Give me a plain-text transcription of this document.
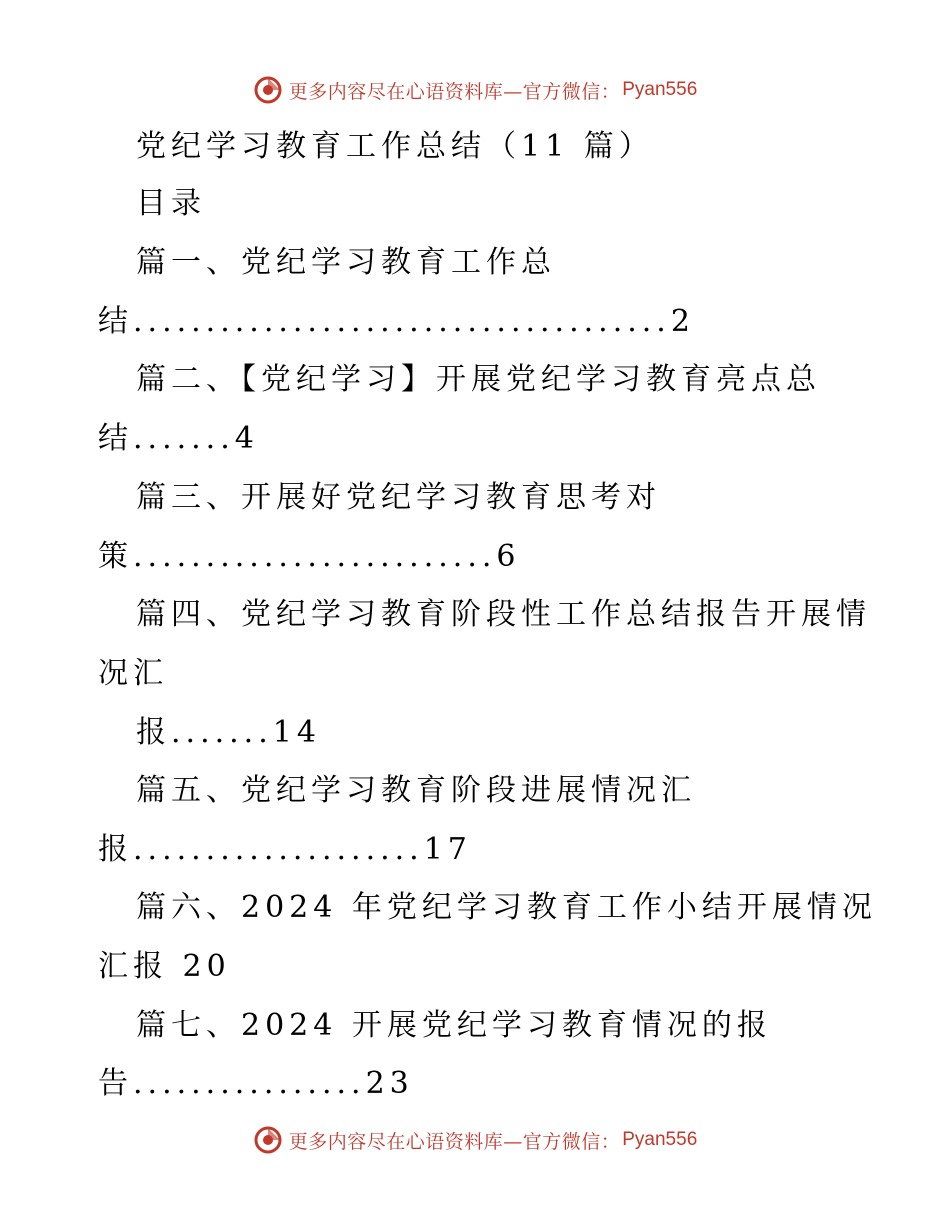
更多内容尽在心语资料库—官方微信： Pyan556
党纪学习教育工作总结（11 篇）
目录
篇一、党纪学习教育工作总
结.....................................2
篇二、【党纪学习】开展党纪学习教育亮点总
结.......4
篇三、开展好党纪学习教育思考对
策.........................6
篇四、党纪学习教育阶段性工作总结报告开展情
况汇
报.......14
篇五、党纪学习教育阶段进展情况汇
报....................17
篇六、2024 年党纪学习教育工作小结开展情况
汇报 20
篇七、2024 开展党纪学习教育情况的报
告................23
更多内容尽在心语资料库—官方微信： Pyan556
